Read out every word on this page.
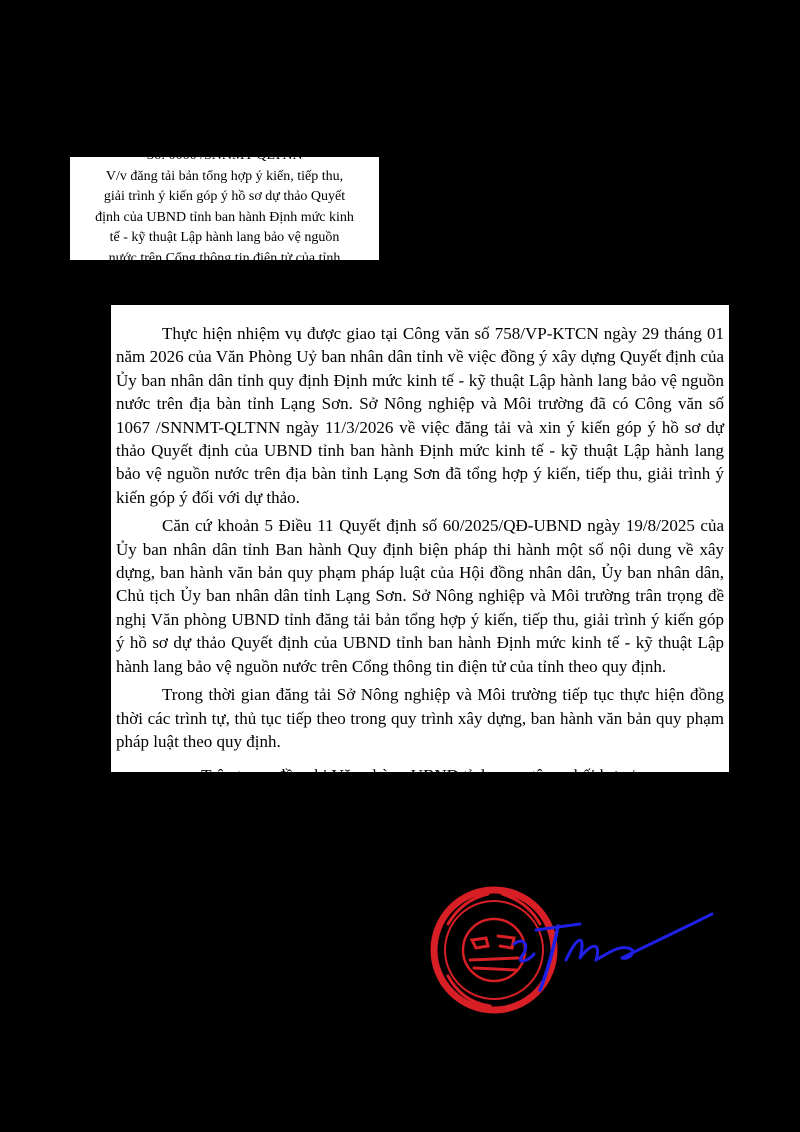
Số: 0000 /SNNMT-QLTNN
V/v đăng tải bản tổng hợp ý kiến, tiếp thu,
giải trình ý kiến góp ý hồ sơ dự thảo Quyết
định của UBND tỉnh ban hành Định mức kinh
tế - kỹ thuật Lập hành lang bảo vệ nguồn
nước trên Cổng thông tin điện tử của tỉnh

Thực hiện nhiệm vụ được giao tại Công văn số 758/VP-KTCN ngày 29 tháng 01 năm 2026 của Văn Phòng Uỷ ban nhân dân tỉnh về việc đồng ý xây dựng Quyết định của Ủy ban nhân dân tỉnh quy định Định mức kinh tế - kỹ thuật Lập hành lang bảo vệ nguồn nước trên địa bàn tỉnh Lạng Sơn. Sở Nông nghiệp và Môi trường đã có Công văn số 1067 /SNNMT-QLTNN ngày 11/3/2026 về việc đăng tải và xin ý kiến góp ý hồ sơ dự thảo Quyết định của UBND tỉnh ban hành Định mức kinh tế - kỹ thuật Lập hành lang bảo vệ nguồn nước trên địa bàn tỉnh Lạng Sơn đã tổng hợp ý kiến, tiếp thu, giải trình ý kiến góp ý đối với dự thảo.

Căn cứ khoản 5 Điều 11 Quyết định số 60/2025/QĐ-UBND ngày 19/8/2025 của Ủy ban nhân dân tỉnh Ban hành Quy định biện pháp thi hành một số nội dung về xây dựng, ban hành văn bản quy phạm pháp luật của Hội đồng nhân dân, Ủy ban nhân dân, Chủ tịch Ủy ban nhân dân tỉnh Lạng Sơn. Sở Nông nghiệp và Môi trường trân trọng đề nghị Văn phòng UBND tỉnh đăng tải bản tổng hợp ý kiến, tiếp thu, giải trình ý kiến góp ý hồ sơ dự thảo Quyết định của UBND tỉnh ban hành Định mức kinh tế - kỹ thuật Lập hành lang bảo vệ nguồn nước trên Cổng thông tin điện tử của tỉnh theo quy định.

Trong thời gian đăng tải Sở Nông nghiệp và Môi trường tiếp tục thực hiện đồng thời các trình tự, thủ tục tiếp theo trong quy trình xây dựng, ban hành văn bản quy phạm pháp luật theo quy định.

Trân trọng đề nghị Văn phòng UBND tỉnh quan tâm, phối hợp./.
